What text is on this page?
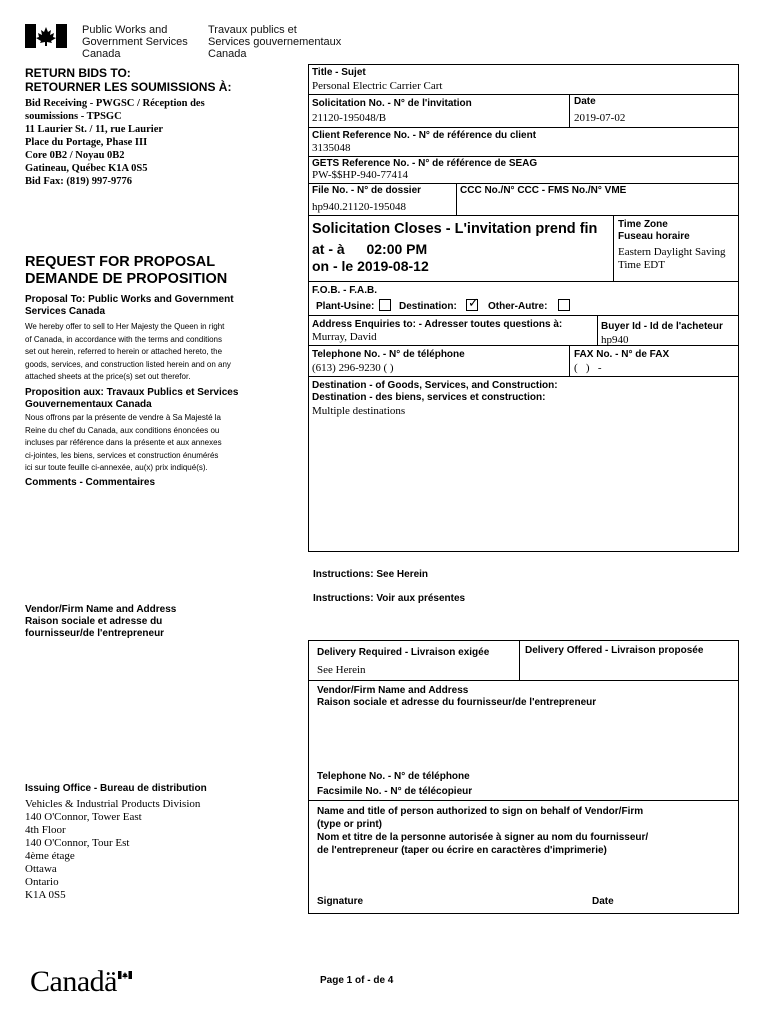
Public Works and
Government Services
Canada
Travaux publics et
Services gouvernementaux
Canada
RETURN BIDS TO:
RETOURNER LES SOUMISSIONS À:
Bid Receiving - PWGSC / Réception des
soumissions - TPSGC
11 Laurier St. / 11, rue Laurier
Place du Portage, Phase III
Core 0B2 / Noyau 0B2
Gatineau, Québec K1A 0S5
Bid Fax: (819) 997-9776
REQUEST FOR PROPOSAL
DEMANDE DE PROPOSITION
Proposal To: Public Works and Government
Services Canada
We hereby offer to sell to Her Majesty the Queen in right
of Canada, in accordance with the terms and conditions
set out herein, referred to herein or attached hereto, the
goods, services, and construction listed herein and on any
attached sheets at the price(s) set out therefor.
Proposition aux: Travaux Publics et Services
Gouvernementaux Canada
Nous offrons par la présente de vendre à Sa Majesté la
Reine du chef du Canada, aux conditions énoncées ou
incluses par référence dans la présente et aux annexes
ci-jointes, les biens, services et construction énumérés
ici sur toute feuille ci-annexée, au(x) prix indiqué(s).
Comments - Commentaires
Vendor/Firm Name and Address
Raison sociale et adresse du
fournisseur/de l'entrepreneur
Issuing Office - Bureau de distribution
Vehicles & Industrial Products Division
140 O'Connor, Tower East
4th Floor
140 O'Connor, Tour Est
4ème étage
Ottawa
Ontario
K1A 0S5
Title - Sujet
Personal Electric Carrier Cart
Solicitation No. - N° de l'invitation
21120-195048/B
Date
2019-07-02
Client Reference No. - N° de référence du client
3135048
GETS Reference No. - N° de référence de SEAG
PW-$$HP-940-77414
File No. - N° de dossier
hp940.21120-195048
CCC No./N° CCC - FMS No./N° VME
Solicitation Closes - L'invitation prend fin
at - à 02:00 PM
on - le 2019-08-12
Time Zone
Fuseau horaire
Eastern Daylight Saving
Time EDT
F.O.B. - F.A.B.
Plant-Usine: Destination: ✓ Other-Autre:
Address Enquiries to: - Adresser toutes questions à:
Murray, David
Buyer Id - Id de l'acheteur
hp940
Telephone No. - N° de téléphone
(613) 296-9230 ( )
FAX No. - N° de FAX
(   )   -
Destination - of Goods, Services, and Construction:
Destination - des biens, services et construction:
Multiple destinations
Instructions: See Herein
Instructions: Voir aux présentes
Delivery Required - Livraison exigée
See Herein
Delivery Offered - Livraison proposée
Vendor/Firm Name and Address
Raison sociale et adresse du fournisseur/de l'entrepreneur
Telephone No. - N° de téléphone
Facsimile No. - N° de télécopieur
Name and title of person authorized to sign on behalf of Vendor/Firm
(type or print)
Nom et titre de la personne autorisée à signer au nom du fournisseur/
de l'entrepreneur (taper ou écrire en caractères d'imprimerie)
Signature	Date
Canadä	Page 1 of - de 4
